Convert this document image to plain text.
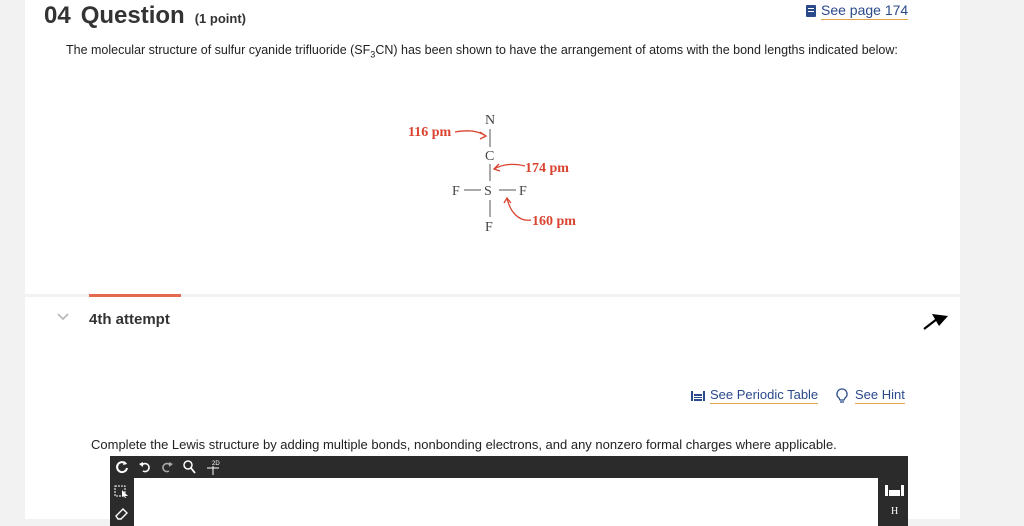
04 Question (1 point)
See page 174
The molecular structure of sulfur cyanide trifluoride $(SF_3CN)$ has been shown to have the arrangement of atoms with the bond lengths indicated below:
N
C
S
F	F
F
116 pm
174 pm
160 pm
4th attempt
See Periodic Table	See Hint
Complete the Lewis structure by adding multiple bonds, nonbonding electrons, and any nonzero formal charges where applicable.
2D
H
